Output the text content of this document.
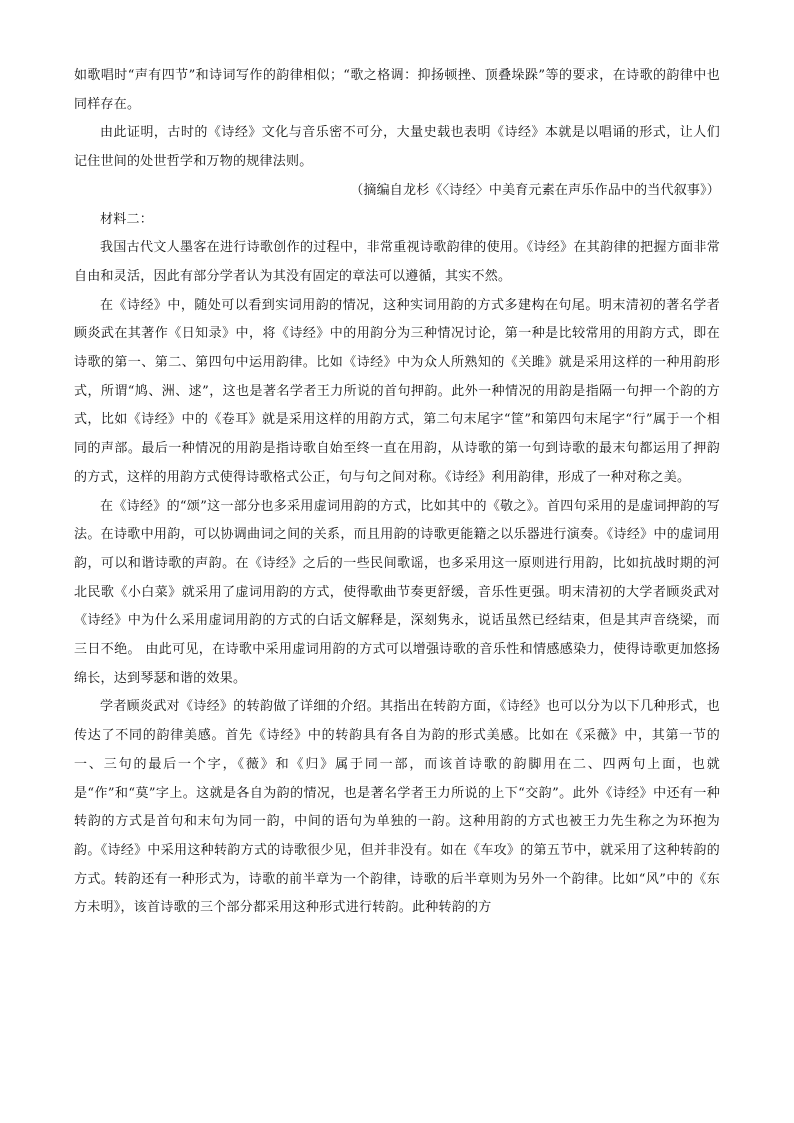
如歌唱时“声有四节”和诗词写作的韵律相似；“歌之格调：抑扬顿挫、顶叠垛跺”等的要求，在诗歌的韵律中也同样存在。

由此证明，古时的《诗经》文化与音乐密不可分，大量史载也表明《诗经》本就是以唱诵的形式，让人们记住世间的处世哲学和万物的规律法则。

（摘编自龙杉《〈诗经〉中美育元素在声乐作品中的当代叙事》）

材料二：

我国古代文人墨客在进行诗歌创作的过程中，非常重视诗歌韵律的使用。《诗经》在其韵律的把握方面非常自由和灵活，因此有部分学者认为其没有固定的章法可以遵循，其实不然。

在《诗经》中，随处可以看到实词用韵的情况，这种实词用韵的方式多建构在句尾。明末清初的著名学者顾炎武在其著作《日知录》中，将《诗经》中的用韵分为三种情况讨论，第一种是比较常用的用韵方式，即在诗歌的第一、第二、第四句中运用韵律。比如《诗经》中为众人所熟知的《关雎》就是采用这样的一种用韵形式，所谓“鸠、洲、逑”，这也是著名学者王力所说的首句押韵。此外一种情况的用韵是指隔一句押一个韵的方式，比如《诗经》中的《卷耳》就是采用这样的用韵方式，第二句末尾字“筐”和第四句末尾字“行”属于一个相同的声部。最后一种情况的用韵是指诗歌自始至终一直在用韵，从诗歌的第一句到诗歌的最末句都运用了押韵的方式，这样的用韵方式使得诗歌格式公正，句与句之间对称。《诗经》利用韵律，形成了一种对称之美。

在《诗经》的“颂”这一部分也多采用虚词用韵的方式，比如其中的《敬之》。首四句采用的是虚词押韵的写法。在诗歌中用韵，可以协调曲词之间的关系，而且用韵的诗歌更能籍之以乐器进行演奏。《诗经》中的虚词用韵，可以和谐诗歌的声韵。在《诗经》之后的一些民间歌谣，也多采用这一原则进行用韵，比如抗战时期的河北民歌《小白菜》就采用了虚词用韵的方式，使得歌曲节奏更舒缓，音乐性更强。明末清初的大学者顾炎武对《诗经》中为什么采用虚词用韵的方式的白话文解释是，深刻隽永，说话虽然已经结束，但是其声音绕梁，而三日不绝。 由此可见，在诗歌中采用虚词用韵的方式可以增强诗歌的音乐性和情感感染力，使得诗歌更加悠扬绵长，达到琴瑟和谐的效果。

学者顾炎武对《诗经》的转韵做了详细的介绍。其指出在转韵方面，《诗经》也可以分为以下几种形式，也传达了不同的韵律美感。首先《诗经》中的转韵具有各自为韵的形式美感。比如在《采薇》中，其第一节的一、三句的最后一个字，《薇》和《归》属于同一部，而该首诗歌的韵脚用在二、四两句上面，也就是“作”和“莫”字上。这就是各自为韵的情况，也是著名学者王力所说的上下“交韵”。此外《诗经》中还有一种转韵的方式是首句和末句为同一韵，中间的语句为单独的一韵。这种用韵的方式也被王力先生称之为环抱为韵。《诗经》中采用这种转韵方式的诗歌很少见，但并非没有。如在《车攻》的第五节中，就采用了这种转韵的方式。转韵还有一种形式为，诗歌的前半章为一个韵律，诗歌的后半章则为另外一个韵律。比如“风”中的《东方未明》，该首诗歌的三个部分都采用这种形式进行转韵。此种转韵的方
